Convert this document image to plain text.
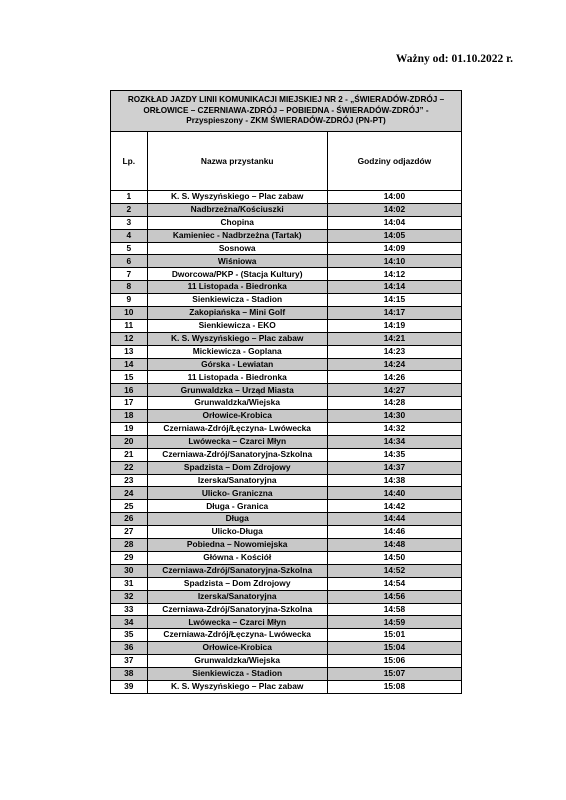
Ważny od: 01.10.2022 r.
ROZKŁAD JAZDY LINII KOMUNIKACJI MIEJSKIEJ NR 2 - „ŚWIERADÓW-ZDRÓJ – ORŁOWICE – CZERNIAWA-ZDRÓJ – POBIEDNA - ŚWIERADÓW-ZDRÓJ” - Przyspieszony - ZKM ŚWIERADÓW-ZDRÓJ (PN-PT)		
Lp.	Nazwa przystanku	Godziny odjazdów
1	K. S. Wyszyńskiego – Plac zabaw	14:00
2	Nadbrzeżna/Kościuszki	14:02
3	Chopina	14:04
4	Kamieniec - Nadbrzeżna (Tartak)	14:05
5	Sosnowa	14:09
6	Wiśniowa	14:10
7	Dworcowa/PKP - (Stacja Kultury)	14:12
8	11 Listopada - Biedronka	14:14
9	Sienkiewicza - Stadion	14:15
10	Zakopiańska – Mini Golf	14:17
11	Sienkiewicza - EKO	14:19
12	K. S. Wyszyńskiego – Plac zabaw	14:21
13	Mickiewicza - Goplana	14:23
14	Górska - Lewiatan	14:24
15	11 Listopada - Biedronka	14:26
16	Grunwaldzka – Urząd Miasta	14:27
17	Grunwaldzka/Wiejska	14:28
18	Orłowice-Krobica	14:30
19	Czerniawa-Zdrój/Łęczyna- Lwówecka	14:32
20	Lwówecka – Czarci Młyn	14:34
21	Czerniawa-Zdrój/Sanatoryjna-Szkolna	14:35
22	Spadzista – Dom Zdrojowy	14:37
23	Izerska/Sanatoryjna	14:38
24	Ulicko- Graniczna	14:40
25	Długa - Granica	14:42
26	Długa	14:44
27	Ulicko-Długa	14:46
28	Pobiedna – Nowomiejska	14:48
29	Główna - Kościół	14:50
30	Czerniawa-Zdrój/Sanatoryjna-Szkolna	14:52
31	Spadzista – Dom Zdrojowy	14:54
32	Izerska/Sanatoryjna	14:56
33	Czerniawa-Zdrój/Sanatoryjna-Szkolna	14:58
34	Lwówecka – Czarci Młyn	14:59
35	Czerniawa-Zdrój/Łęczyna- Lwówecka	15:01
36	Orłowice-Krobica	15:04
37	Grunwaldzka/Wiejska	15:06
38	Sienkiewicza - Stadion	15:07
39	K. S. Wyszyńskiego – Plac zabaw	15:08
